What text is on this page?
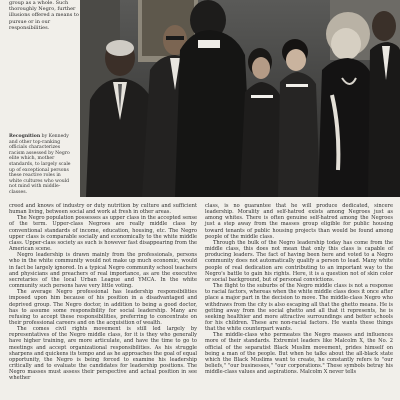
group as a whole. Such thoroughly Negro, further illusions offered a means to pursue or in our responsibilities.
Recognition by Kennedy and other top-ranking officials characterizes racism assessed by Negro elite which, mother standards, to largely scale up of exceptional persons these reactive roles in white cultures who would not mind with middle-classes.

creed and knows of industry or duty nutrition by culture and sufficient human living, between social and work at fresh in other areas.

The Negro population possesses as upper class in the accepted sense of the term. Upper-class Negroes are really middle class by conventional standards of income, education, housing, etc. The Negro upper class is comparable socially and economically to the white middle class. Upper-class society as such is however fast disappearing from the American scene.

Negro leadership is drawn mainly from the professionals, persons who in the white community would not make up much economic, would in fact be largely ignored. In a typical Negro community school teachers and physicians and preachers of real importance, as are the executive secretaries of the local Urban League and YMCA. In the white community such persons have very little voting.

The average Negro professional has leadership responsibilities imposed upon him because of his position in a disadvantaged and deprived group. The Negro doctor, in addition to being a good doctor, has to assume some responsibility for social leadership. Many are refusing to accept these responsibilities, preferring to concentrate on their professional careers and on the acquisition of wealth.

The comes civil rights movement is still led largely by representatives of the Negro middle class, for it is they who generally have higher training, are more articulate, and have the time to go to meetings and accept organizational responsibilities. As his struggle sharpens and quickens its tempo and as he approaches the goal of equal opportunity, the Negro is being forced to examine his leadership critically and to evaluate the candidates for leadership positions. The Negro masses must assess their perspective and actual position in see whether

class, is no guarantee that he will produce dedicated, sincere leadership. Morality and self-hatred exists among Negroes just as among whites. There is often genuine self-hatred among the Negroes just a step away from the masses group eligible for public housing toward tenants of public housing projects than would be found among people of the middle class.

Through the bulk of the Negro leadership today has come from the middle class, this does not mean that only this class is capable of producing leaders. The fact of having been here and voted to a Negro community does not automatically qualify a person to lead. Many white people of real dedication are contributing to an important way to the Negro's battle to gain his rights. Here, it is a question not of skin color or social background, but of personal convictions.

The flight to the suburbs of the Negro middle class is not a response to racial factors, whereas when the white middle class does it once after place a major part in the decision to move. The middle-class Negro who withdraws from the city is also escaping all that the ghetto means. He is getting away from the social ghetto and all that it represents, he is seeking healthier and more attractive surroundings and better schools for his children. These are non-racial factors. He wants these things that the white counterpart wants.

The middle-class who permeates the Negro masses and influences more of their standards. Extremist leaders like Malcolm X, the No. 2 official of the separatist Black Muslim movement, prides himself on being a man of the people. But when he talks about the all-black state which the Black Muslims want to create, he constantly refers to "our beliefs," "our businesses," "our corporations." These symbols betray his middle-class values and aspirations. Malcolm X never tells
